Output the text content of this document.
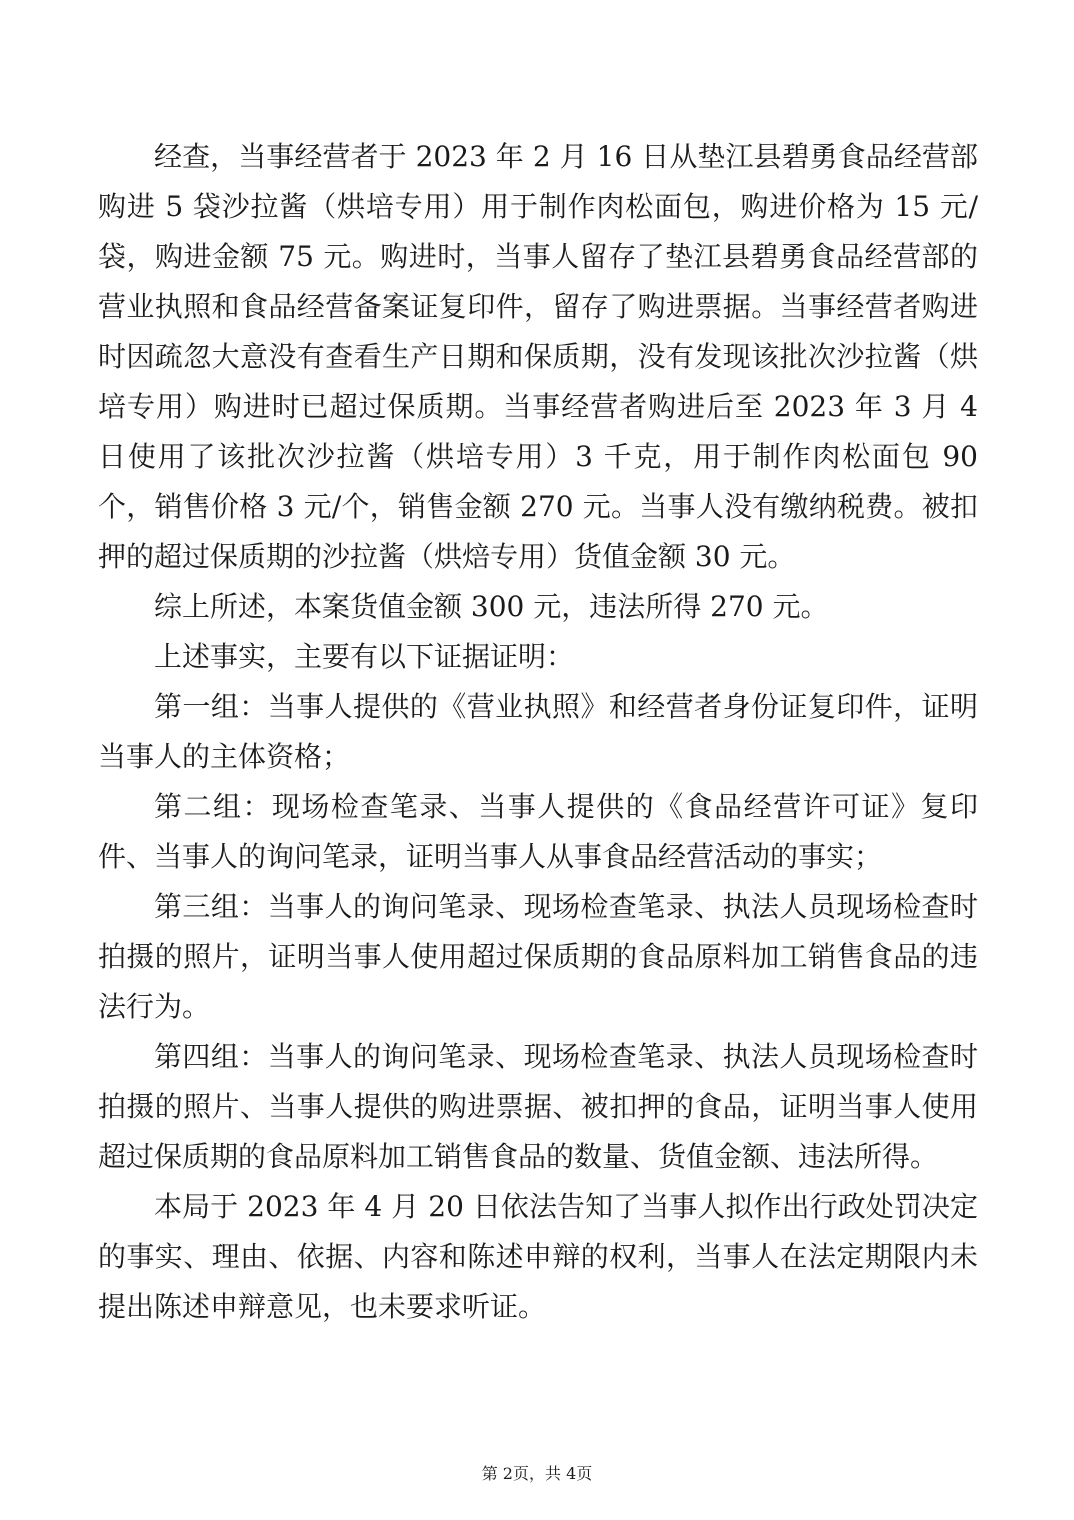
经查，当事经营者于 2023 年 2 月 16 日从垫江县碧勇食品经营部购进 5 袋沙拉酱（烘培专用）用于制作肉松面包，购进价格为 15 元/袋，购进金额 75 元。购进时，当事人留存了垫江县碧勇食品经营部的营业执照和食品经营备案证复印件，留存了购进票据。当事经营者购进时因疏忽大意没有查看生产日期和保质期，没有发现该批次沙拉酱（烘培专用）购进时已超过保质期。当事经营者购进后至 2023 年 3 月 4 日使用了该批次沙拉酱（烘培专用）3 千克，用于制作肉松面包 90 个，销售价格 3 元/个，销售金额 270 元。当事人没有缴纳税费。被扣押的超过保质期的沙拉酱（烘焙专用）货值金额 30 元。

综上所述，本案货值金额 300 元，违法所得 270 元。

上述事实，主要有以下证据证明：

第一组：当事人提供的《营业执照》和经营者身份证复印件，证明当事人的主体资格；

第二组：现场检查笔录、当事人提供的《食品经营许可证》复印件、当事人的询问笔录，证明当事人从事食品经营活动的事实；

第三组：当事人的询问笔录、现场检查笔录、执法人员现场检查时拍摄的照片，证明当事人使用超过保质期的食品原料加工销售食品的违法行为。

第四组：当事人的询问笔录、现场检查笔录、执法人员现场检查时拍摄的照片、当事人提供的购进票据、被扣押的食品，证明当事人使用超过保质期的食品原料加工销售食品的数量、货值金额、违法所得。

本局于 2023 年 4 月 20 日依法告知了当事人拟作出行政处罚决定的事实、理由、依据、内容和陈述申辩的权利，当事人在法定期限内未提出陈述申辩意见，也未要求听证。

第 2页，共 4页
